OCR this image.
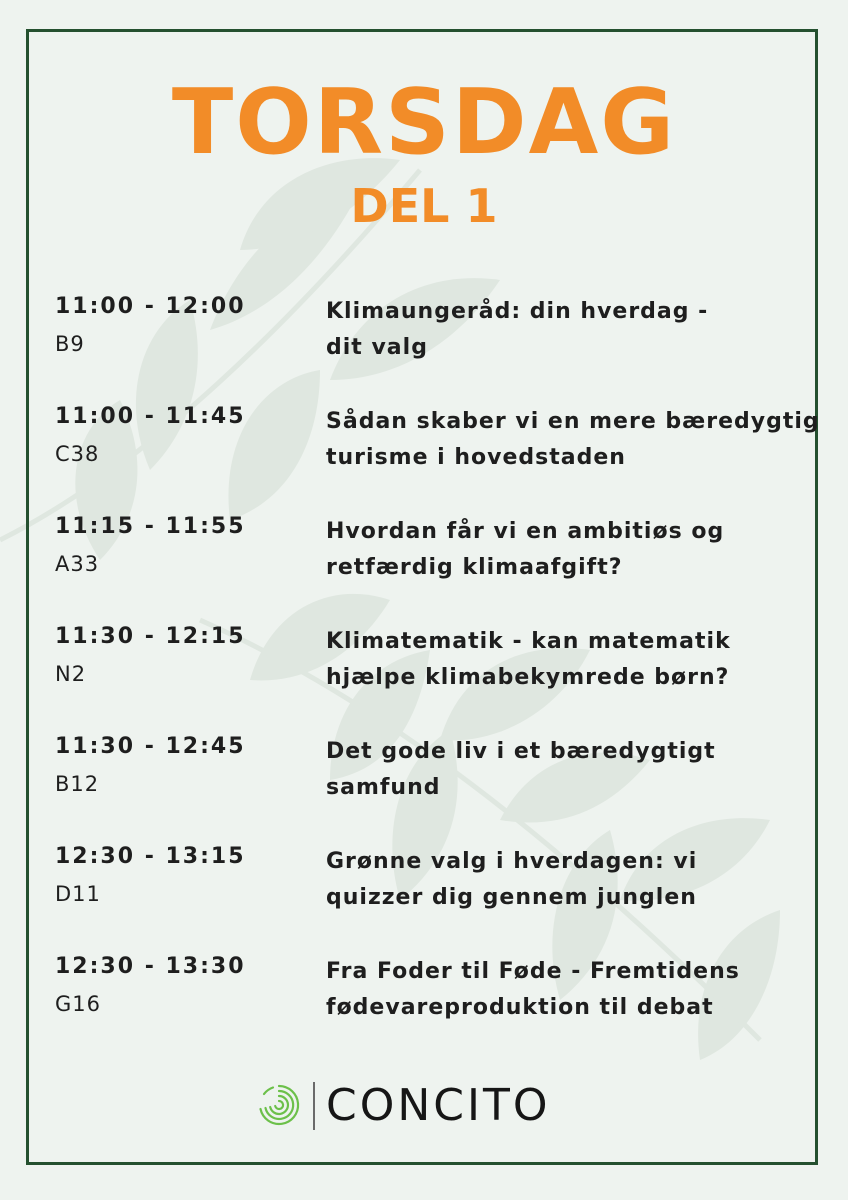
TORSDAG
DEL 1
11:00 - 12:00
B9
Klimaungeråd: din hverdag -
dit valg
11:00 - 11:45
C38
Sådan skaber vi en mere bæredygtig
turisme i hovedstaden
11:15 - 11:55
A33
Hvordan får vi en ambitiøs og
retfærdig klimaafgift?
11:30 - 12:15
N2
Klimatematik - kan matematik
hjælpe klimabekymrede børn?
11:30 - 12:45
B12
Det gode liv i et bæredygtigt
samfund
12:30 - 13:15
D11
Grønne valg i hverdagen: vi
quizzer dig gennem junglen
12:30 - 13:30
G16
Fra Foder til Føde - Fremtidens
fødevareproduktion til debat
CONCITO
